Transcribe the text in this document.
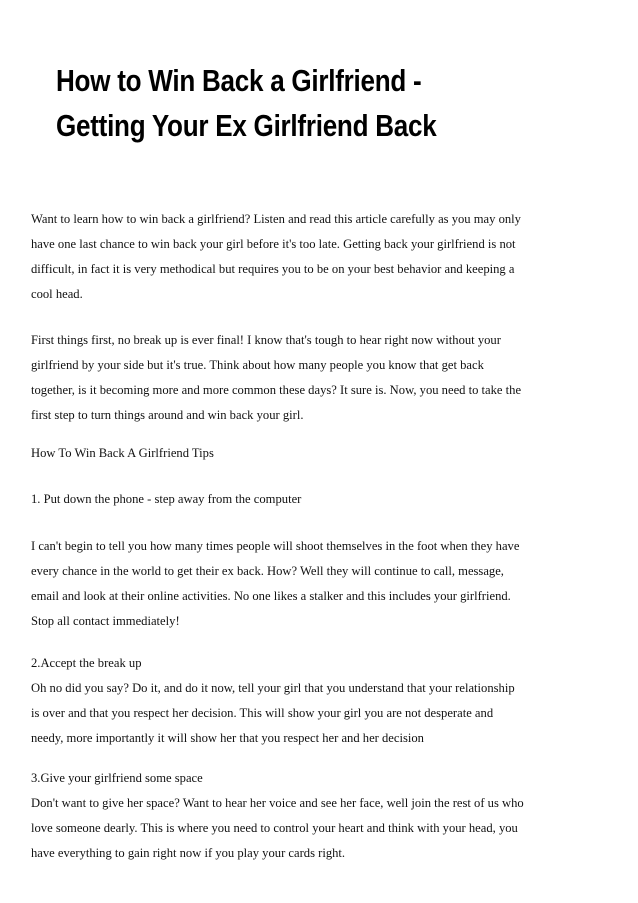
How to Win Back a Girlfriend -
Getting Your Ex Girlfriend Back

Want to learn how to win back a girlfriend? Listen and read this article carefully as you may only
have one last chance to win back your girl before it's too late. Getting back your girlfriend is not
difficult, in fact it is very methodical but requires you to be on your best behavior and keeping a
cool head.

First things first, no break up is ever final! I know that's tough to hear right now without your
girlfriend by your side but it's true. Think about how many people you know that get back
together, is it becoming more and more common these days? It sure is. Now, you need to take the
first step to turn things around and win back your girl.

How To Win Back A Girlfriend Tips

1. Put down the phone - step away from the computer

I can't begin to tell you how many times people will shoot themselves in the foot when they have
every chance in the world to get their ex back. How? Well they will continue to call, message,
email and look at their online activities. No one likes a stalker and this includes your girlfriend.
Stop all contact immediately!

2.Accept the break up
Oh no did you say? Do it, and do it now, tell your girl that you understand that your relationship
is over and that you respect her decision. This will show your girl you are not desperate and
needy, more importantly it will show her that you respect her and her decision

3.Give your girlfriend some space
Don't want to give her space? Want to hear her voice and see her face, well join the rest of us who
love someone dearly. This is where you need to control your heart and think with your head, you
have everything to gain right now if you play your cards right.
